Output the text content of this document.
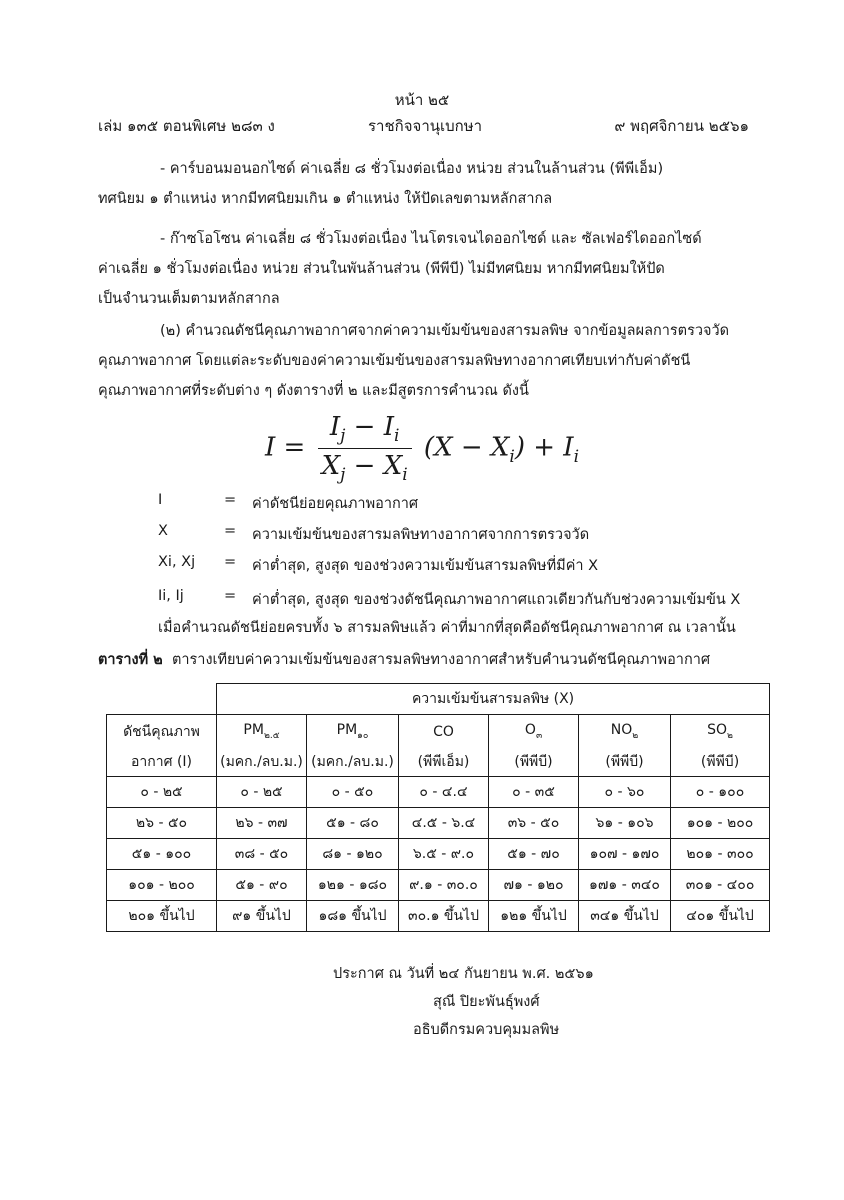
หน้า ๒๕
เล่ม ๑๓๕ ตอนพิเศษ ๒๘๓ ง	ราชกิจจานุเบกษา	๙ พฤศจิกายน ๒๕๖๑
- คาร์บอนมอนอกไซด์ ค่าเฉลี่ย ๘ ชั่วโมงต่อเนื่อง หน่วย ส่วนในล้านส่วน (พีพีเอ็ม)
ทศนิยม ๑ ตำแหน่ง หากมีทศนิยมเกิน ๑ ตำแหน่ง ให้ปัดเลขตามหลักสากล
- ก๊าซโอโซน ค่าเฉลี่ย ๘ ชั่วโมงต่อเนื่อง ไนโตรเจนไดออกไซด์ และ ซัลเฟอร์ไดออกไซด์
ค่าเฉลี่ย ๑ ชั่วโมงต่อเนื่อง หน่วย ส่วนในพันล้านส่วน (พีพีบี) ไม่มีทศนิยม หากมีทศนิยมให้ปัด
เป็นจำนวนเต็มตามหลักสากล
(๒) คำนวณดัชนีคุณภาพอากาศจากค่าความเข้มข้นของสารมลพิษ จากข้อมูลผลการตรวจวัด
คุณภาพอากาศ โดยแต่ละระดับของค่าความเข้มข้นของสารมลพิษทางอากาศเทียบเท่ากับค่าดัชนี
คุณภาพอากาศที่ระดับต่าง ๆ ดังตารางที่ ๒ และมีสูตรการคำนวณ ดังนี้
$I = \frac{I_j - I_i}{X_j - X_i} (X - X_i) + I_i$
I	= ค่าดัชนีย่อยคุณภาพอากาศ
X	= ความเข้มข้นของสารมลพิษทางอากาศจากการตรวจวัด
Xi, Xj = ค่าต่ำสุด, สูงสุด ของช่วงความเข้มข้นสารมลพิษที่มีค่า X
Ii, Ij	= ค่าต่ำสุด, สูงสุด ของช่วงดัชนีคุณภาพอากาศแถวเดียวกันกับช่วงความเข้มข้น X
เมื่อคำนวณดัชนีย่อยครบทั้ง ๖ สารมลพิษแล้ว ค่าที่มากที่สุดคือดัชนีคุณภาพอากาศ ณ เวลานั้น
ตารางที่ ๒ ตารางเทียบค่าความเข้มข้นของสารมลพิษทางอากาศสำหรับคำนวนดัชนีคุณภาพอากาศ
	ความเข้มข้นสารมลพิษ (X)					
ดัชนีคุณภาพ	$PM_{๒.๕}$	$PM_{๑๐}$	CO	$O_๓$	$NO_๒$	$SO_๒$
อากาศ (I)	(มคก./ลบ.ม.)	(มคก./ลบ.ม.)	(พีพีเอ็ม)	(พีพีบี)	(พีพีบี)	(พีพีบี)
๐ - ๒๕	๐ - ๒๕	๐ - ๕๐	๐ - ๔.๔	๐ - ๓๕	๐ - ๖๐	๐ - ๑๐๐
๒๖ - ๕๐	๒๖ - ๓๗	๕๑ - ๘๐	๔.๕ - ๖.๔	๓๖ - ๕๐	๖๑ - ๑๐๖	๑๐๑ - ๒๐๐
๕๑ - ๑๐๐	๓๘ - ๕๐	๘๑ - ๑๒๐	๖.๕ - ๙.๐	๕๑ - ๗๐	๑๐๗ - ๑๗๐	๒๐๑ - ๓๐๐
๑๐๑ - ๒๐๐	๕๑ - ๙๐	๑๒๑ - ๑๘๐	๙.๑ - ๓๐.๐	๗๑ - ๑๒๐	๑๗๑ - ๓๔๐	๓๐๑ - ๔๐๐
๒๐๑ ขึ้นไป	๙๑ ขึ้นไป	๑๘๑ ขึ้นไป	๓๐.๑ ขึ้นไป	๑๒๑ ขึ้นไป	๓๔๑ ขึ้นไป	๔๐๑ ขึ้นไป
ประกาศ ณ วันที่ ๒๔ กันยายน พ.ศ. ๒๕๖๑
สุณี ปิยะพันธุ์พงศ์
อธิบดีกรมควบคุมมลพิษ
